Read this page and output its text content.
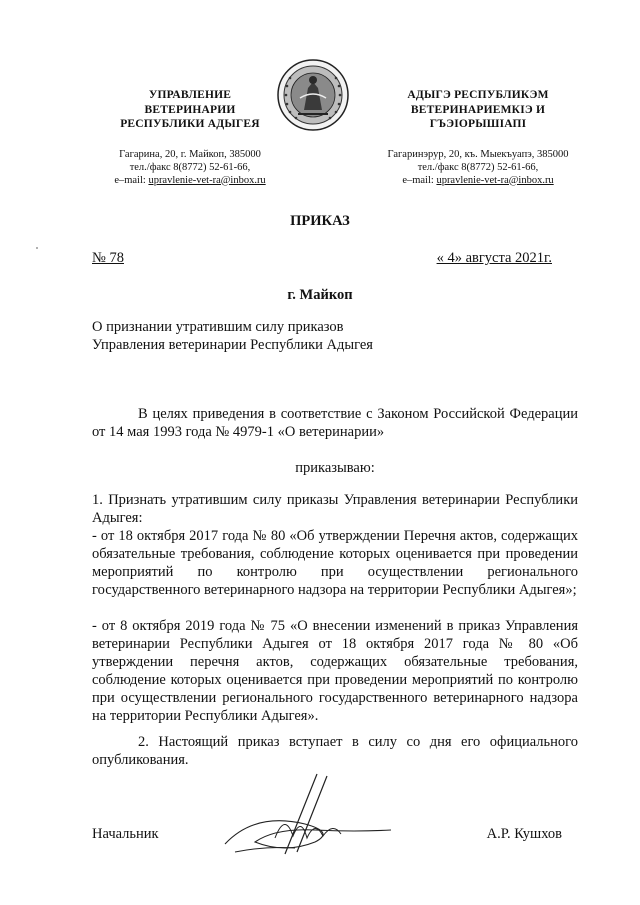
УПРАВЛЕНИЕ
ВЕТЕРИНАРИИ
РЕСПУБЛИКИ АДЫГЕЯ
Гагарина, 20, г. Майкоп, 385000
тел./факс 8(8772) 52-61-66,
e–mail: upravlenie-vet-ra@inbox.ru
АДЫГЭ РЕСПУБЛИКЭМ
ВЕТЕРИНАРИЕМКIЭ И
ГЪЭIОРЫШIАПI
Гагаринэрур, 20, къ. Мыекъуапэ, 385000
тел./факс 8(8772) 52-61-66,
e–mail: upravlenie-vet-ra@inbox.ru
ПРИКАЗ
№ 78	« 4» августа 2021г.
г. Майкоп
О признании утратившим силу приказов
Управления ветеринарии Республики Адыгея
В целях приведения в соответствие с Законом Российской Федерации от 14 мая 1993 года № 4979-1 «О ветеринарии»
приказываю:
1. Признать утратившим силу приказы Управления ветеринарии Республики Адыгея:
- от 18 октября 2017 года № 80 «Об утверждении Перечня актов, содержащих обязательные требования, соблюдение которых оценивается при проведении мероприятий по контролю при осуществлении регионального государственного ветеринарного надзора на территории Республики Адыгея»;
- от 8 октября 2019 года № 75 «О внесении изменений в приказ Управления ветеринарии Республики Адыгея от 18 октября 2017 года № 80 «Об утверждении перечня актов, содержащих обязательные требования, соблюдение которых оценивается при проведении мероприятий по контролю при осуществлении регионального государственного ветеринарного надзора на территории Республики Адыгея».
2. Настоящий приказ вступает в силу со дня его официального опубликования.
Начальник	А.Р. Кушхов
